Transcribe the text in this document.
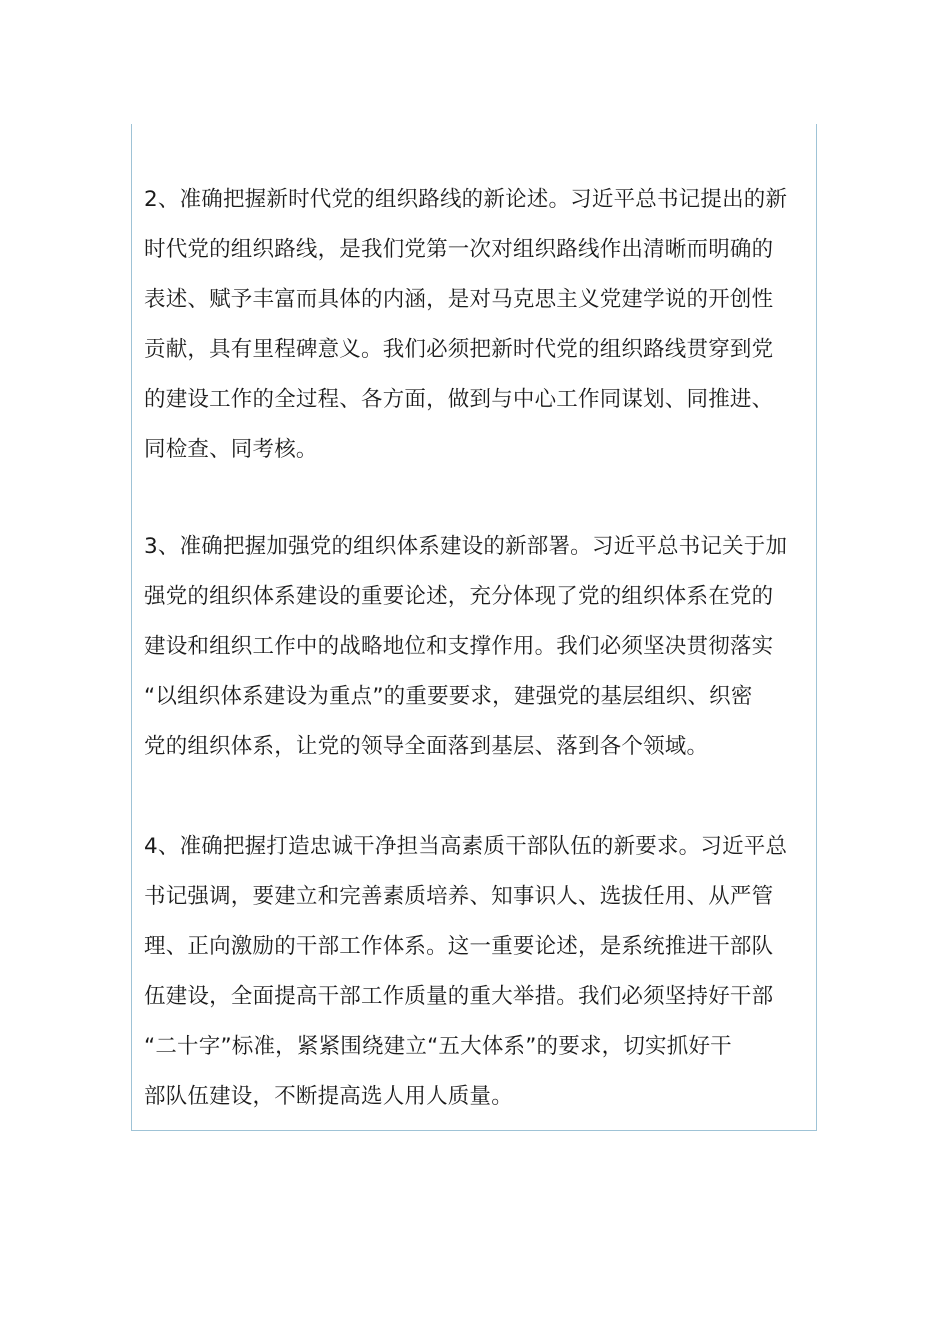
2、准确把握新时代党的组织路线的新论述。习近平总书记提出的新
时代党的组织路线，是我们党第一次对组织路线作出清晰而明确的
表述、赋予丰富而具体的内涵，是对马克思主义党建学说的开创性
贡献，具有里程碑意义。我们必须把新时代党的组织路线贯穿到党
的建设工作的全过程、各方面，做到与中心工作同谋划、同推进、
同检查、同考核。
3、准确把握加强党的组织体系建设的新部署。习近平总书记关于加
强党的组织体系建设的重要论述，充分体现了党的组织体系在党的
建设和组织工作中的战略地位和支撑作用。我们必须坚决贯彻落实
“以组织体系建设为重点”的重要要求，建强党的基层组织、织密
党的组织体系，让党的领导全面落到基层、落到各个领域。
4、准确把握打造忠诚干净担当高素质干部队伍的新要求。习近平总
书记强调，要建立和完善素质培养、知事识人、选拔任用、从严管
理、正向激励的干部工作体系。这一重要论述，是系统推进干部队
伍建设，全面提高干部工作质量的重大举措。我们必须坚持好干部
“二十字”标准，紧紧围绕建立“五大体系”的要求，切实抓好干
部队伍建设，不断提高选人用人质量。
